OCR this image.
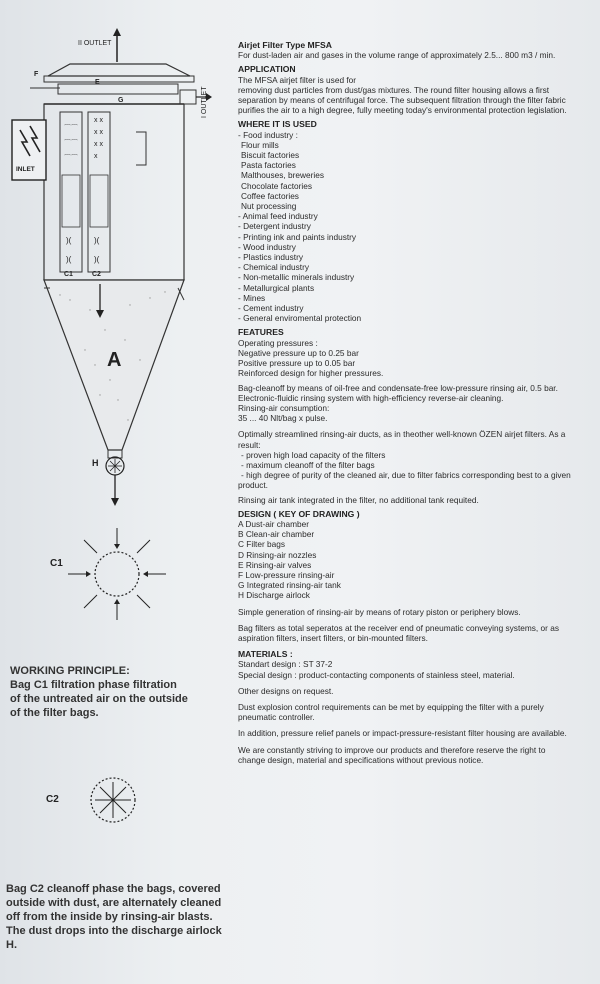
II OUTLET
F
E
G	I OUTLET
INLET
⌒⌒
⌒⌒
⌒⌒
x x
x x
x x
x
)(	)(
)(	)(
C1	C2
A
H
C1
C2
WORKING PRINCIPLE:
Bag C1 filtration phase filtration
of the untreated air on the outside
of the filter bags.
Bag C2 cleanoff phase the bags, covered
outside with dust, are alternately cleaned
off from the inside by rinsing-air blasts.
The dust drops into the discharge airlock H.

Airjet Filter Type MFSA

For dust-laden air and gases in the volume range of approximately 2.5... 800 m3 / min.

APPLICATION

The MFSA airjet filter is used for

removing dust particles from dust/gas mixtures. The round filter housing allows a first

separation by means of centrifugal force. The subsequent filtration through the filter fabric

purifies the air to a high degree, fully meeting today's environmental protection legislation.

WHERE IT IS USED

- Food industry :

Flour mills
Biscuit factories
Pasta factories
Malthouses, breweries
Chocolate factories
Coffee factories
Nut processing
- Animal feed industry
- Detergent industry
- Printing ink and paints industry
- Wood industry
- Plastics industry
- Chemical industry
- Non-metallic minerals industry
- Metallurgical plants
- Mines
- Cement industry
- General enviromental protection

FEATURES

Operating pressures :

Negative pressure up to 0.25 bar

Positive pressure up to 0.05 bar

Reinforced design for higher pressures.

Bag-cleanoff by means of oil-free and condensate-free low-pressure rinsing air, 0.5 bar.

Electronic-fluidic rinsing system with high-efficiency reverse-air cleaning.

Rinsing-air consumption:

35 ... 40 Nlt/bag x pulse.

Optimally streamlined rinsing-air ducts, as in theother well-known ÖZEN airjet filters. As a

result:

- proven high load capacity of the filters
- maximum cleanoff of the filter bags
- high degree of purity of the cleaned air, due to filter fabrics corresponding best to a given

product.

Rinsing air tank integrated in the filter, no additional tank requited.

DESIGN ( KEY OF DRAWING )

A Dust-air chamber
B Clean-air chamber
C Filter bags
D Rinsing-air nozzles
E Rinsing-air valves
F Low-pressure rinsing-air
G Integrated rinsing-air tank
H Discharge airlock

Simple generation of rinsing-air by means of rotary piston or periphery blows.

Bag filters as total seperatos at the receiver end of pneumatic conveying systems, or as

aspiration filters, insert filters, or bin-mounted filters.

MATERIALS :

Standart design : ST 37-2

Special design : product-contacting components of stainless steel, material.

Other designs on request.

Dust explosion control requirements can be met by equipping the filter with a purely

pneumatic controller.

In addition, pressure relief panels or impact-pressure-resistant filter housing are available.

We are constantly striving to improve our products and therefore reserve the right to

change design, material and specifications without previous notice.
